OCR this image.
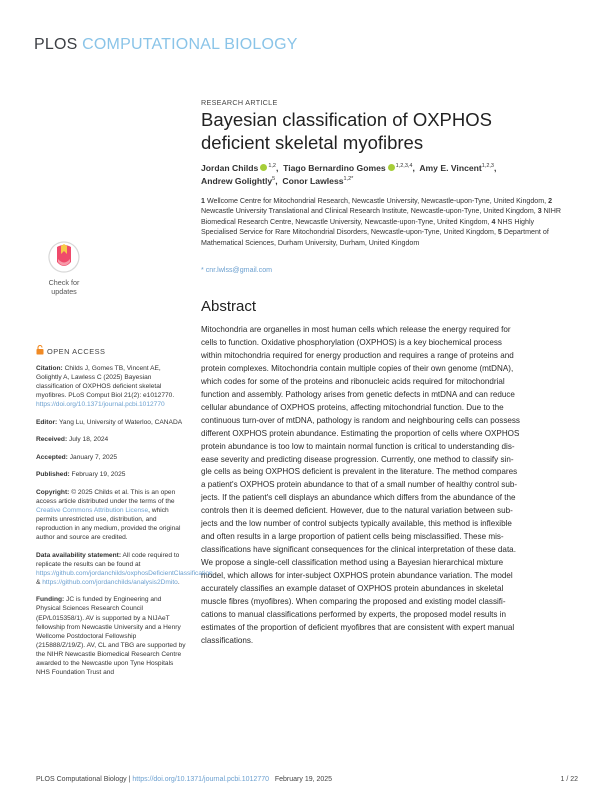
PLOS COMPUTATIONAL BIOLOGY
RESEARCH ARTICLE
Bayesian classification of OXPHOS
deficient skeletal myofibres
Jordan Childs $^{1,2}$,  Tiago Bernardino Gomes $^{1,2,3,4}$,  Amy E. Vincent$^{1,2,3}$,
Andrew Golightly$^5$,  Conor Lawless$^{1,2*}$
1 Wellcome Centre for Mitochondrial Research, Newcastle University, Newcastle-upon-Tyne, United Kingdom, 2 Newcastle University Translational and Clinical Research Institute, Newcastle-upon-Tyne, United Kingdom, 3 NIHR Biomedical Research Centre, Newcastle University, Newcastle-upon-Tyne, United Kingdom, 4 NHS Highly Specialised Service for Rare Mitochondrial Disorders, Newcastle-upon-Tyne, United Kingdom, 5 Department of Mathematical Sciences, Durham University, Durham, United Kingdom
* cnr.lwlss@gmail.com
Check for
updates
Abstract
Mitochondria are organelles in most human cells which release the energy required for
cells to function. Oxidative phosphorylation (OXPHOS) is a key biochemical process
within mitochondria required for energy production and requires a range of proteins and
protein complexes. Mitochondria contain multiple copies of their own genome (mtDNA),
which codes for some of the proteins and ribonucleic acids required for mitochondrial
function and assembly. Pathology arises from genetic defects in mtDNA and can reduce
cellular abundance of OXPHOS proteins, affecting mitochondrial function. Due to the
continuous turn-over of mtDNA, pathology is random and neighbouring cells can possess
different OXPHOS protein abundance. Estimating the proportion of cells where OXPHOS
protein abundance is too low to maintain normal function is critical to understanding dis-
ease severity and predicting disease progression. Currently, one method to classify sin-
gle cells as being OXPHOS deficient is prevalent in the literature. The method compares
a patient's OXPHOS protein abundance to that of a small number of healthy control sub-
jects. If the patient's cell displays an abundance which differs from the abundance of the
controls then it is deemed deficient. However, due to the natural variation between sub-
jects and the low number of control subjects typically available, this method is inflexible
and often results in a large proportion of patient cells being misclassified. These mis-
classifications have significant consequences for the clinical interpretation of these data.
We propose a single-cell classification method using a Bayesian hierarchical mixture
model, which allows for inter-subject OXPHOS protein abundance variation. The model
accurately classifies an example dataset of OXPHOS protein abundances in skeletal
muscle fibres (myofibres). When comparing the proposed and existing model classifi-
cations to manual classifications performed by experts, the proposed model results in
estimates of the proportion of deficient myofibres that are consistent with expert manual
classifications.
OPEN ACCESS

Citation: Childs J, Gomes TB, Vincent AE, Golightly A, Lawless C (2025) Bayesian classification of OXPHOS deficient skeletal myofibres. PLoS Comput Biol 21(2): e1012770. https://doi.org/10.1371/journal.pcbi.1012770

Editor: Yang Lu, University of Waterloo, CANADA

Received: July 18, 2024

Accepted: January 7, 2025

Published: February 19, 2025

Copyright: © 2025 Childs et al. This is an open access article distributed under the terms of the Creative Commons Attribution License, which permits unrestricted use, distribution, and reproduction in any medium, provided the original author and source are credited.

Data availability statement: All code required to replicate the results can be found at https://github.com/jordanchilds/oxphosDeficientClassification & https://github.com/jordanchilds/analysis2Dmito.

Funding: JC is funded by Engineering and Physical Sciences Research Council (EP/L015358/1). AV is supported by a NIJAeT fellowship from Newcastle University and a Henry Wellcome Postdoctoral Fellowship (215888/Z/19/Z). AV, CL and TBG are supported by the NIHR Newcastle Biomedical Research Centre awarded to the Newcastle upon Tyne Hospitals NHS Foundation Trust and

PLOS Computational Biology | https://doi.org/10.1371/journal.pcbi.1012770 February 19, 2025	1 / 22
